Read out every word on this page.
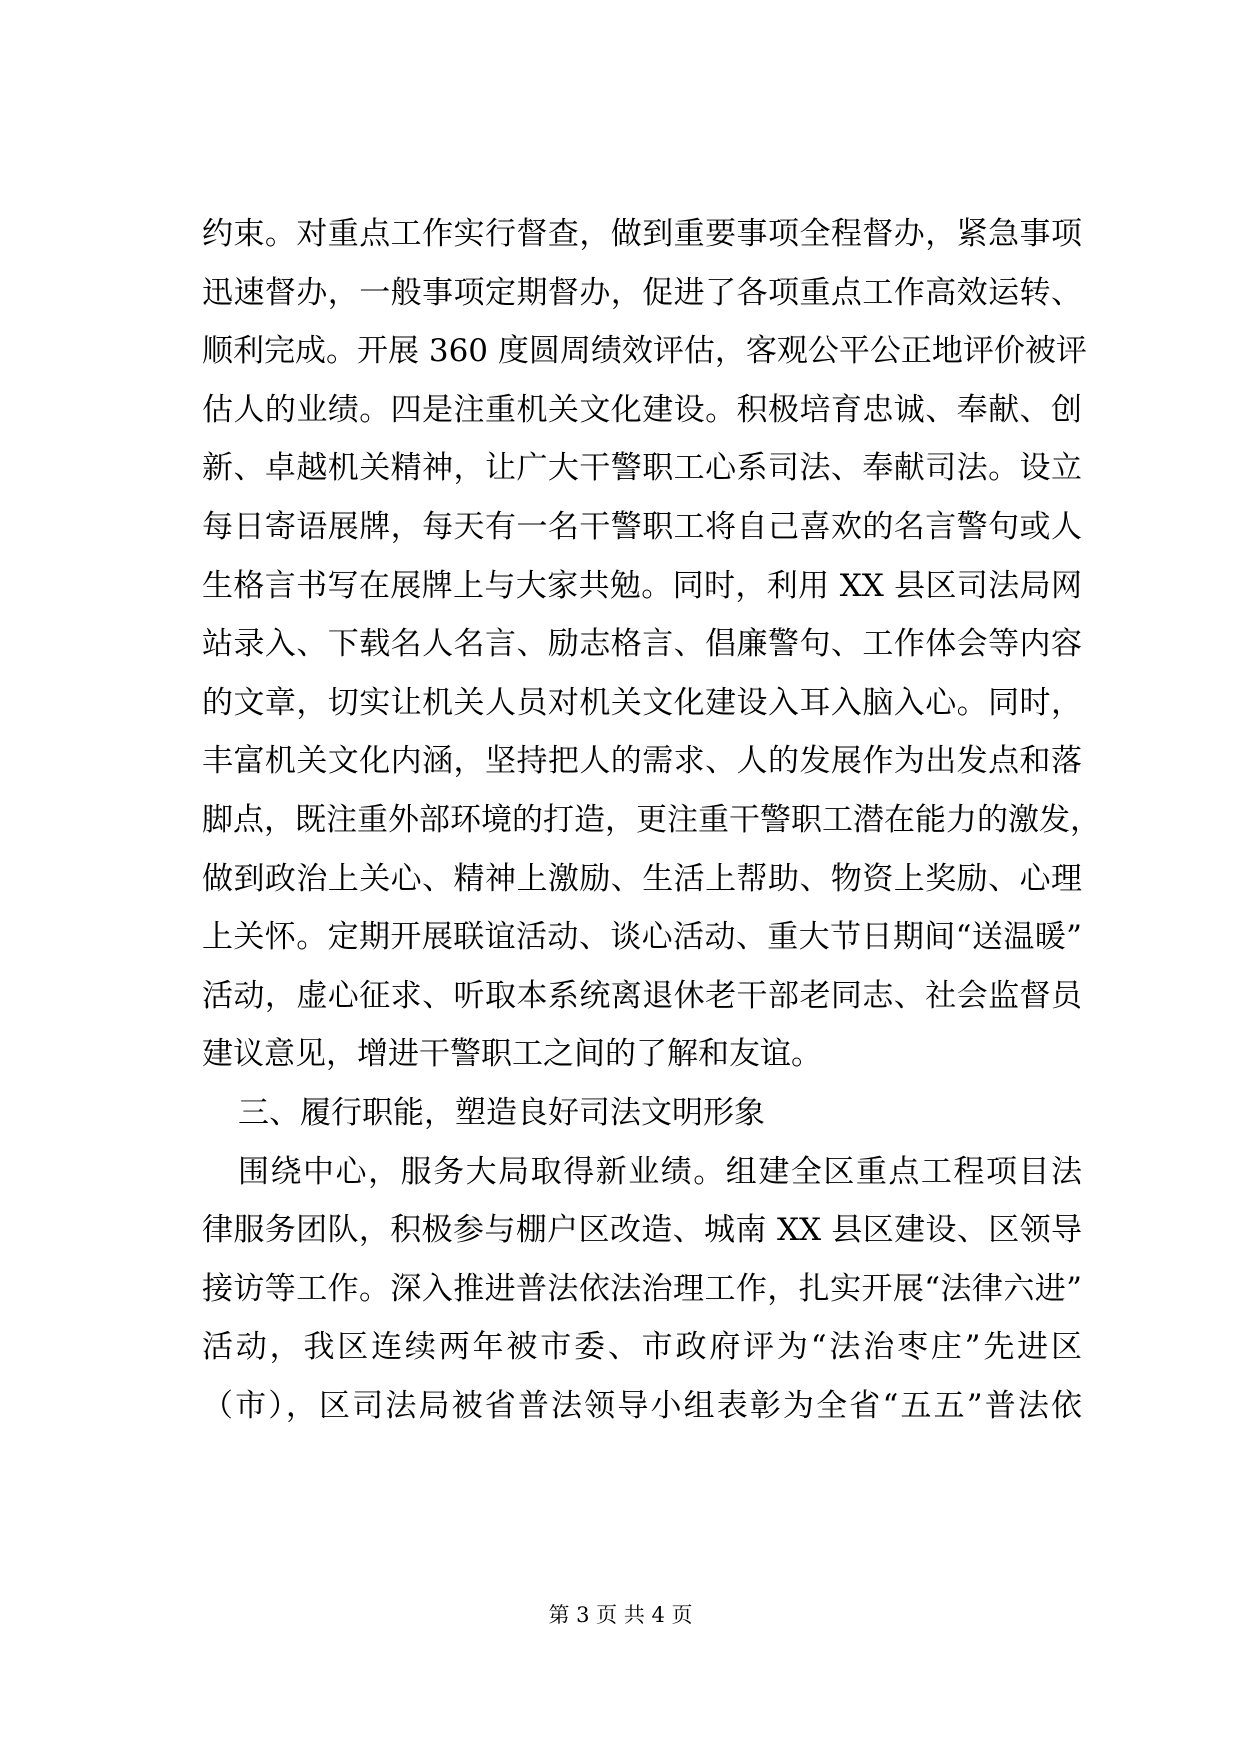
约束。对重点工作实行督查，做到重要事项全程督办，紧急事项
迅速督办，一般事项定期督办，促进了各项重点工作高效运转、
顺利完成。开展 360 度圆周绩效评估，客观公平公正地评价被评
估人的业绩。四是注重机关文化建设。积极培育忠诚、奉献、创
新、卓越机关精神，让广大干警职工心系司法、奉献司法。设立
每日寄语展牌，每天有一名干警职工将自己喜欢的名言警句或人
生格言书写在展牌上与大家共勉。同时，利用 XX 县区司法局网
站录入、下载名人名言、励志格言、倡廉警句、工作体会等内容
的文章，切实让机关人员对机关文化建设入耳入脑入心。同时，
丰富机关文化内涵，坚持把人的需求、人的发展作为出发点和落
脚点，既注重外部环境的打造，更注重干警职工潜在能力的激发，
做到政治上关心、精神上激励、生活上帮助、物资上奖励、心理
上关怀。定期开展联谊活动、谈心活动、重大节日期间“送温暖”
活动，虚心征求、听取本系统离退休老干部老同志、社会监督员
建议意见，增进干警职工之间的了解和友谊。
三、履行职能，塑造良好司法文明形象
围绕中心，服务大局取得新业绩。组建全区重点工程项目法
律服务团队，积极参与棚户区改造、城南 XX 县区建设、区领导
接访等工作。深入推进普法依法治理工作，扎实开展“法律六进”
活动，我区连续两年被市委、市政府评为“法治枣庄”先进区
（市），区司法局被省普法领导小组表彰为全省“五五”普法依
第 3 页 共 4 页
